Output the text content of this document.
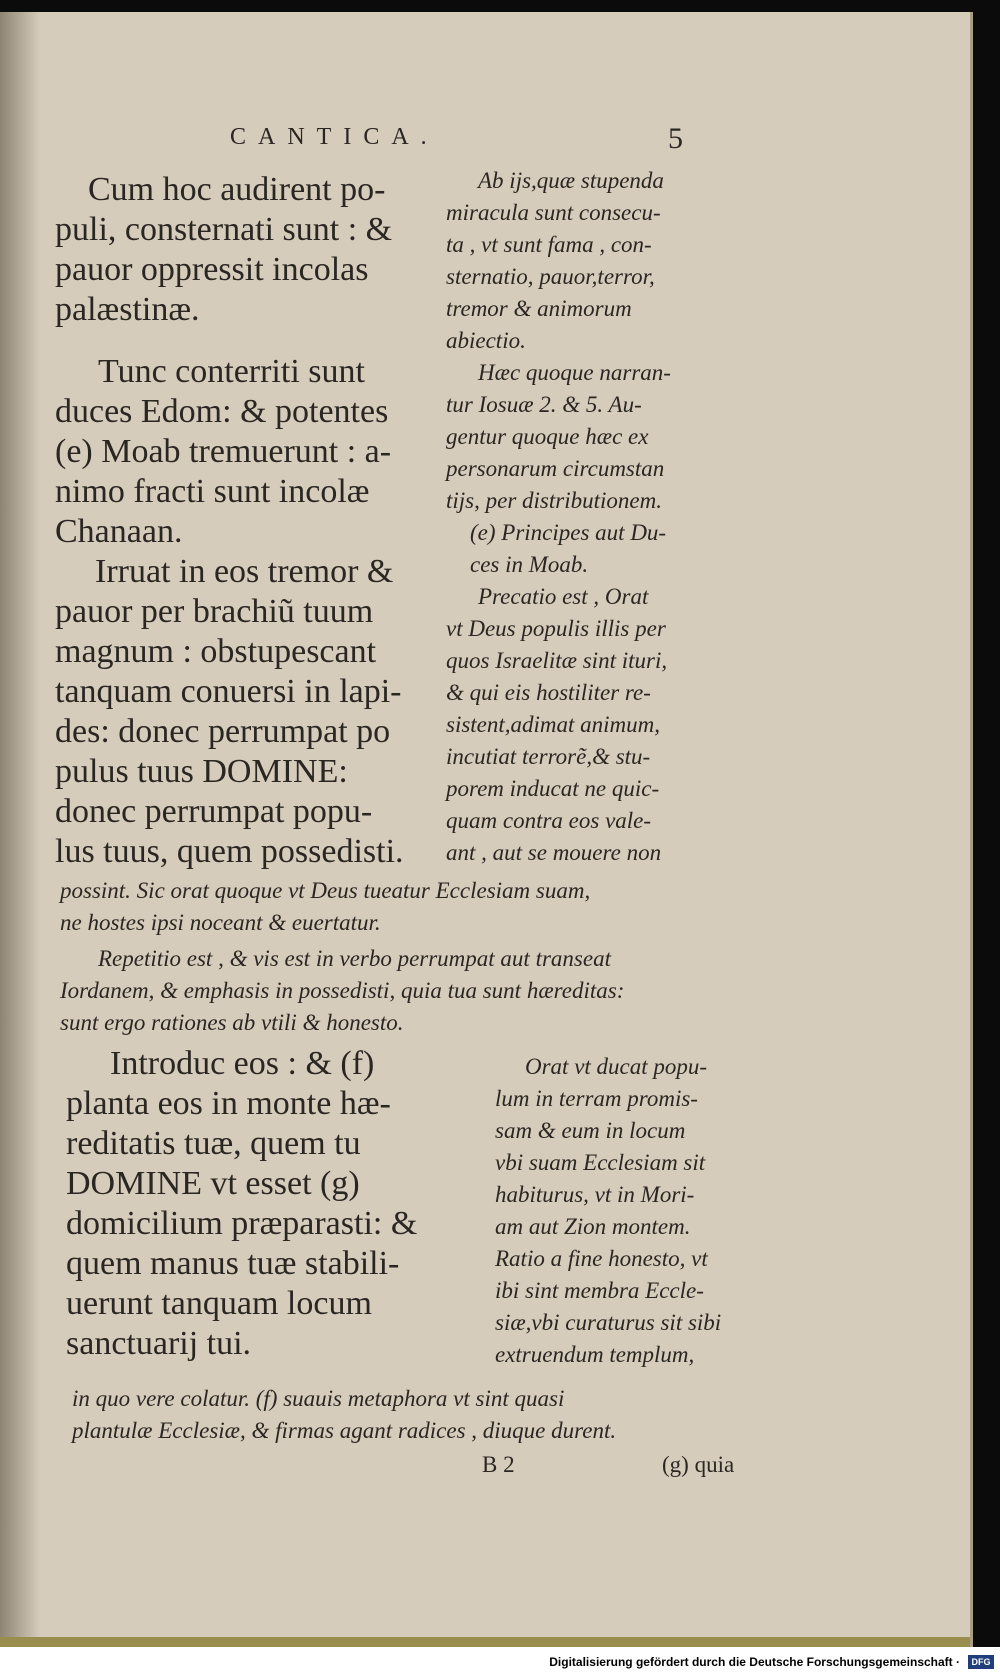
CANTICA.	5
Cum hoc audirent po-
puli, consternati sunt : &
pauor oppressit incolas
palæstinæ.
Ab ijs,quæ stupenda
miracula sunt consecu-
ta , vt sunt fama , con-
sternatio, pauor,terror,
tremor & animorum
abiectio.
Tunc conterriti sunt
duces Edom: & potentes
(e) Moab tremuerunt : a-
nimo fracti sunt incolæ
Chanaan.
Irruat in eos tremor &
pauor per brachiũ tuum
magnum : obstupescant
tanquam conuersi in lapi-
des: donec perrumpat po
pulus tuus DOMINE:
donec perrumpat popu-
lus tuus, quem possedisti.
Hæc quoque narran-
tur Iosuæ 2. & 5. Au-
gentur quoque hæc ex
personarum circumstan
tijs, per distributionem.
(e) Principes aut Du-
ces in Moab.
Precatio est , Orat
vt Deus populis illis per
quos Israelitæ sint ituri,
& qui eis hostiliter re-
sistent,adimat animum,
incutiat terrorẽ,& stu-
porem inducat ne quic-
quam contra eos vale-
ant , aut se mouere non
possint. Sic orat quoque vt Deus tueatur Ecclesiam suam,
ne hostes ipsi noceant & euertatur.
Repetitio est , & vis est in verbo perrumpat aut transeat
Iordanem, & emphasis in possedisti, quia tua sunt hæreditas:
sunt ergo rationes ab vtili & honesto.
Introduc eos : & (f)
planta eos in monte hæ-
reditatis tuæ, quem tu
DOMINE vt esset (g)
domicilium præparasti: &
quem manus tuæ stabili-
uerunt tanquam locum
sanctuarij tui.
Orat vt ducat popu-
lum in terram promis-
sam & eum in locum
vbi suam Ecclesiam sit
habiturus, vt in Mori-
am aut Zion montem.
Ratio a fine honesto, vt
ibi sint membra Eccle-
siæ,vbi curaturus sit sibi
extruendum templum,
in quo vere colatur. (f) suauis metaphora vt sint quasi
plantulæ Ecclesiæ, & firmas agant radices , diuque durent.
B 2	(g) quia
Digitalisierung gefördert durch die Deutsche Forschungsgemeinschaft ·	DFG
